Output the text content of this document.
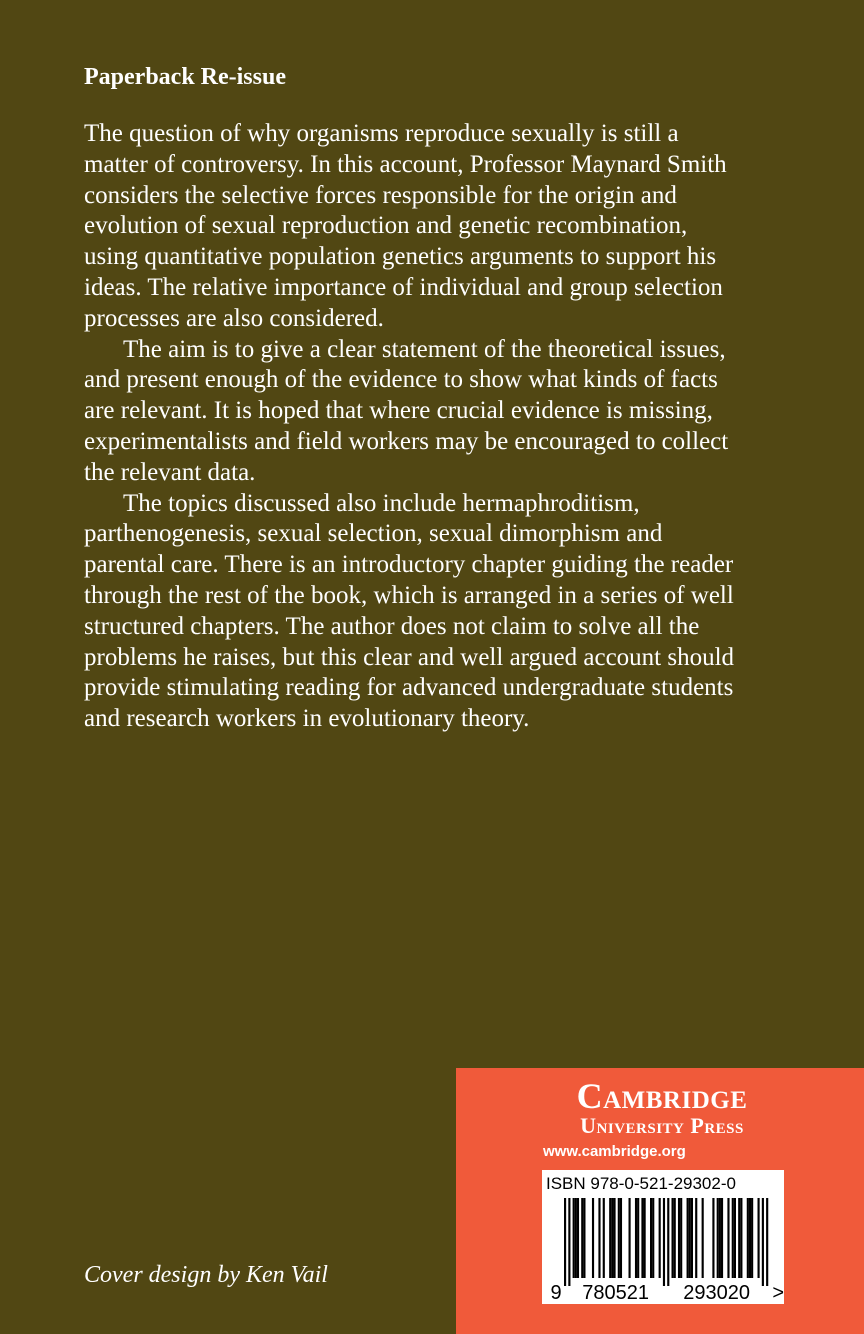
Paperback Re-issue
The question of why organisms reproduce sexually is still a
matter of controversy. In this account, Professor Maynard Smith
considers the selective forces responsible for the origin and
evolution of sexual reproduction and genetic recombination,
using quantitative population genetics arguments to support his
ideas. The relative importance of individual and group selection
processes are also considered.
The aim is to give a clear statement of the theoretical issues,
and present enough of the evidence to show what kinds of facts
are relevant. It is hoped that where crucial evidence is missing,
experimentalists and field workers may be encouraged to collect
the relevant data.
The topics discussed also include hermaphroditism,
parthenogenesis, sexual selection, sexual dimorphism and
parental care. There is an introductory chapter guiding the reader
through the rest of the book, which is arranged in a series of well
structured chapters. The author does not claim to solve all the
problems he raises, but this clear and well argued account should
provide stimulating reading for advanced undergraduate students
and research workers in evolutionary theory.
Cover design by Ken Vail
Cambridge
University Press
www.cambridge.org
ISBN 978-0-521-29302-0
9 780521 293020 >
